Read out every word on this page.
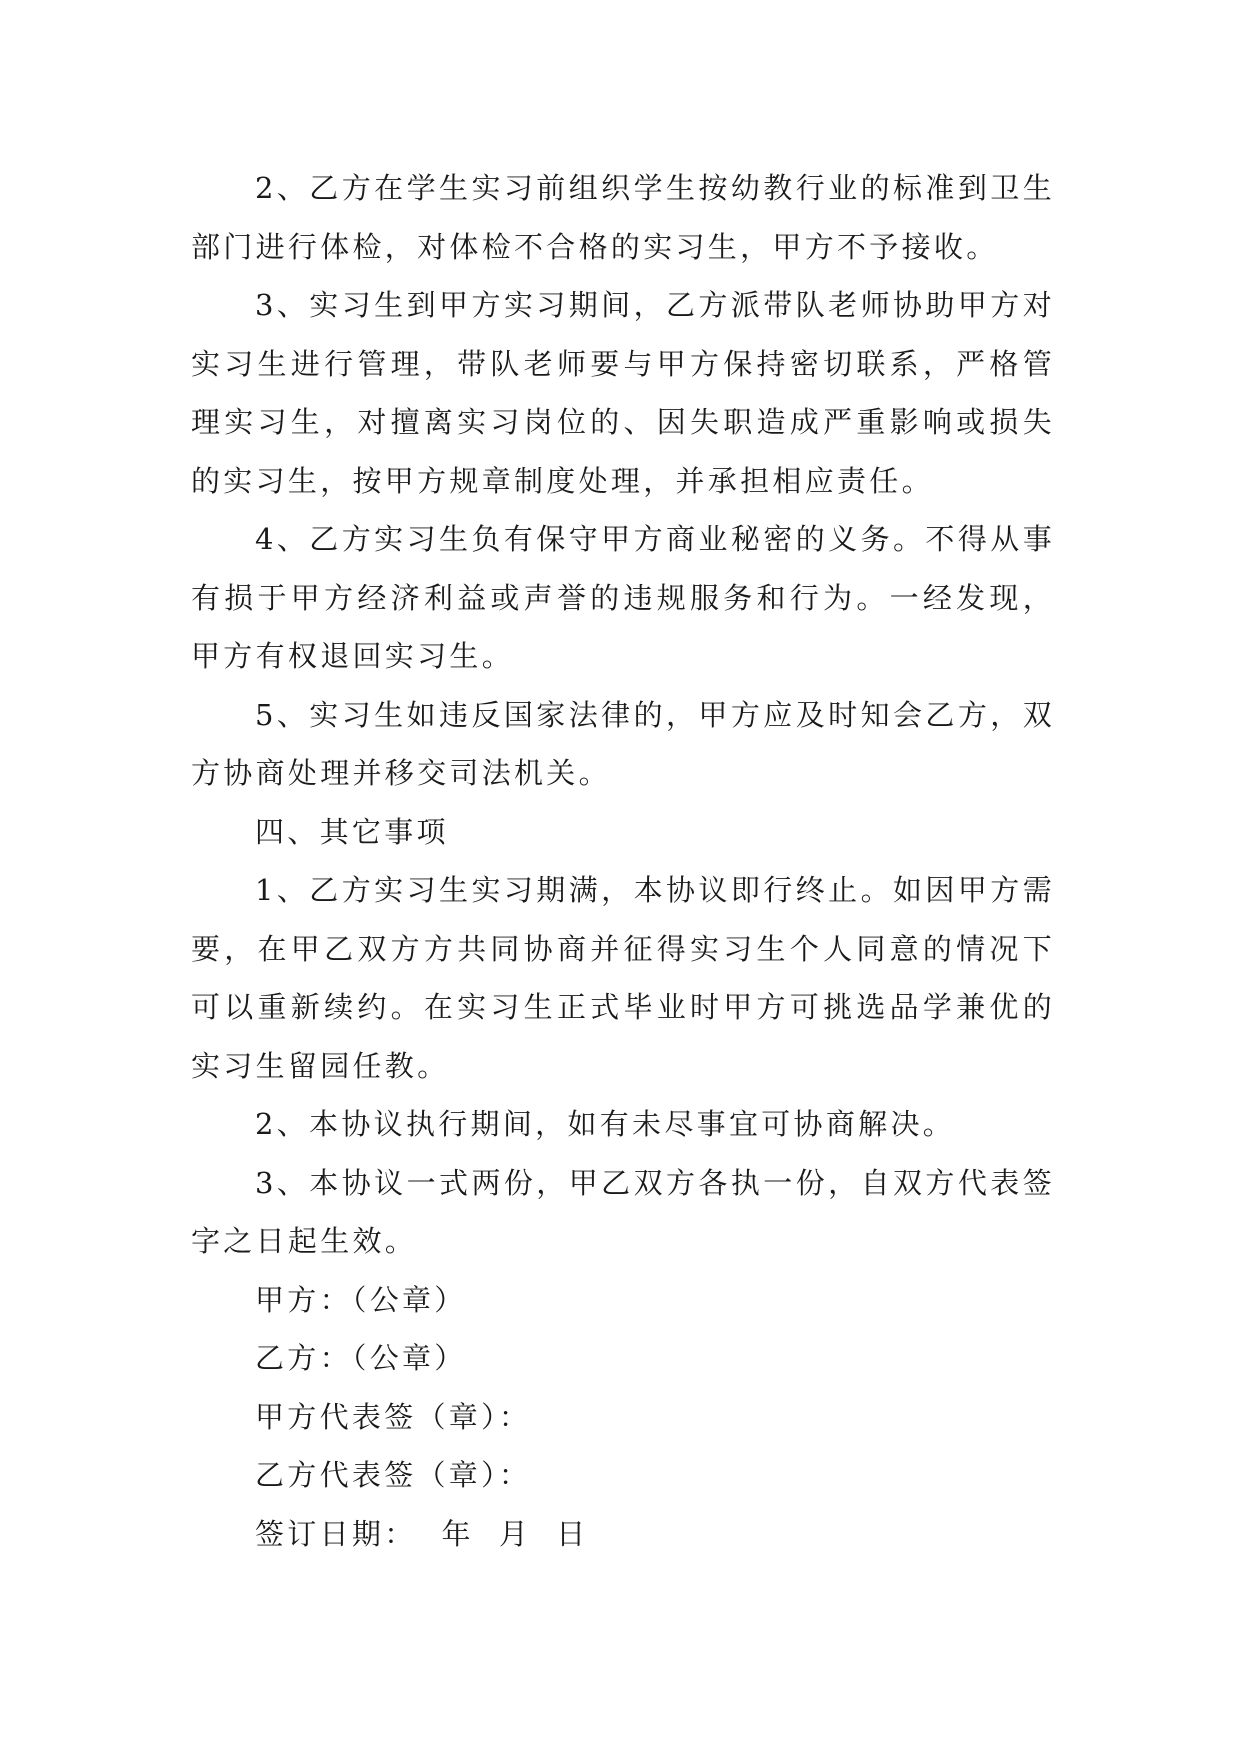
2、乙方在学生实习前组织学生按幼教行业的标准到卫生部门进行体检，对体检不合格的实习生，甲方不予接收。

3、实习生到甲方实习期间，乙方派带队老师协助甲方对实习生进行管理，带队老师要与甲方保持密切联系，严格管理实习生，对擅离实习岗位的、因失职造成严重影响或损失的实习生，按甲方规章制度处理，并承担相应责任。

4、乙方实习生负有保守甲方商业秘密的义务。不得从事有损于甲方经济利益或声誉的违规服务和行为。一经发现，甲方有权退回实习生。

5、实习生如违反国家法律的，甲方应及时知会乙方，双方协商处理并移交司法机关。

四、其它事项

1、乙方实习生实习期满，本协议即行终止。如因甲方需要，在甲乙双方方共同协商并征得实习生个人同意的情况下可以重新续约。在实习生正式毕业时甲方可挑选品学兼优的实习生留园任教。

2、本协议执行期间，如有未尽事宜可协商解决。

3、本协议一式两份，甲乙双方各执一份，自双方代表签字之日起生效。

甲方：（公章）

乙方：（公章）

甲方代表签（章）：

乙方代表签（章）：

签订日期：  年  月  日
